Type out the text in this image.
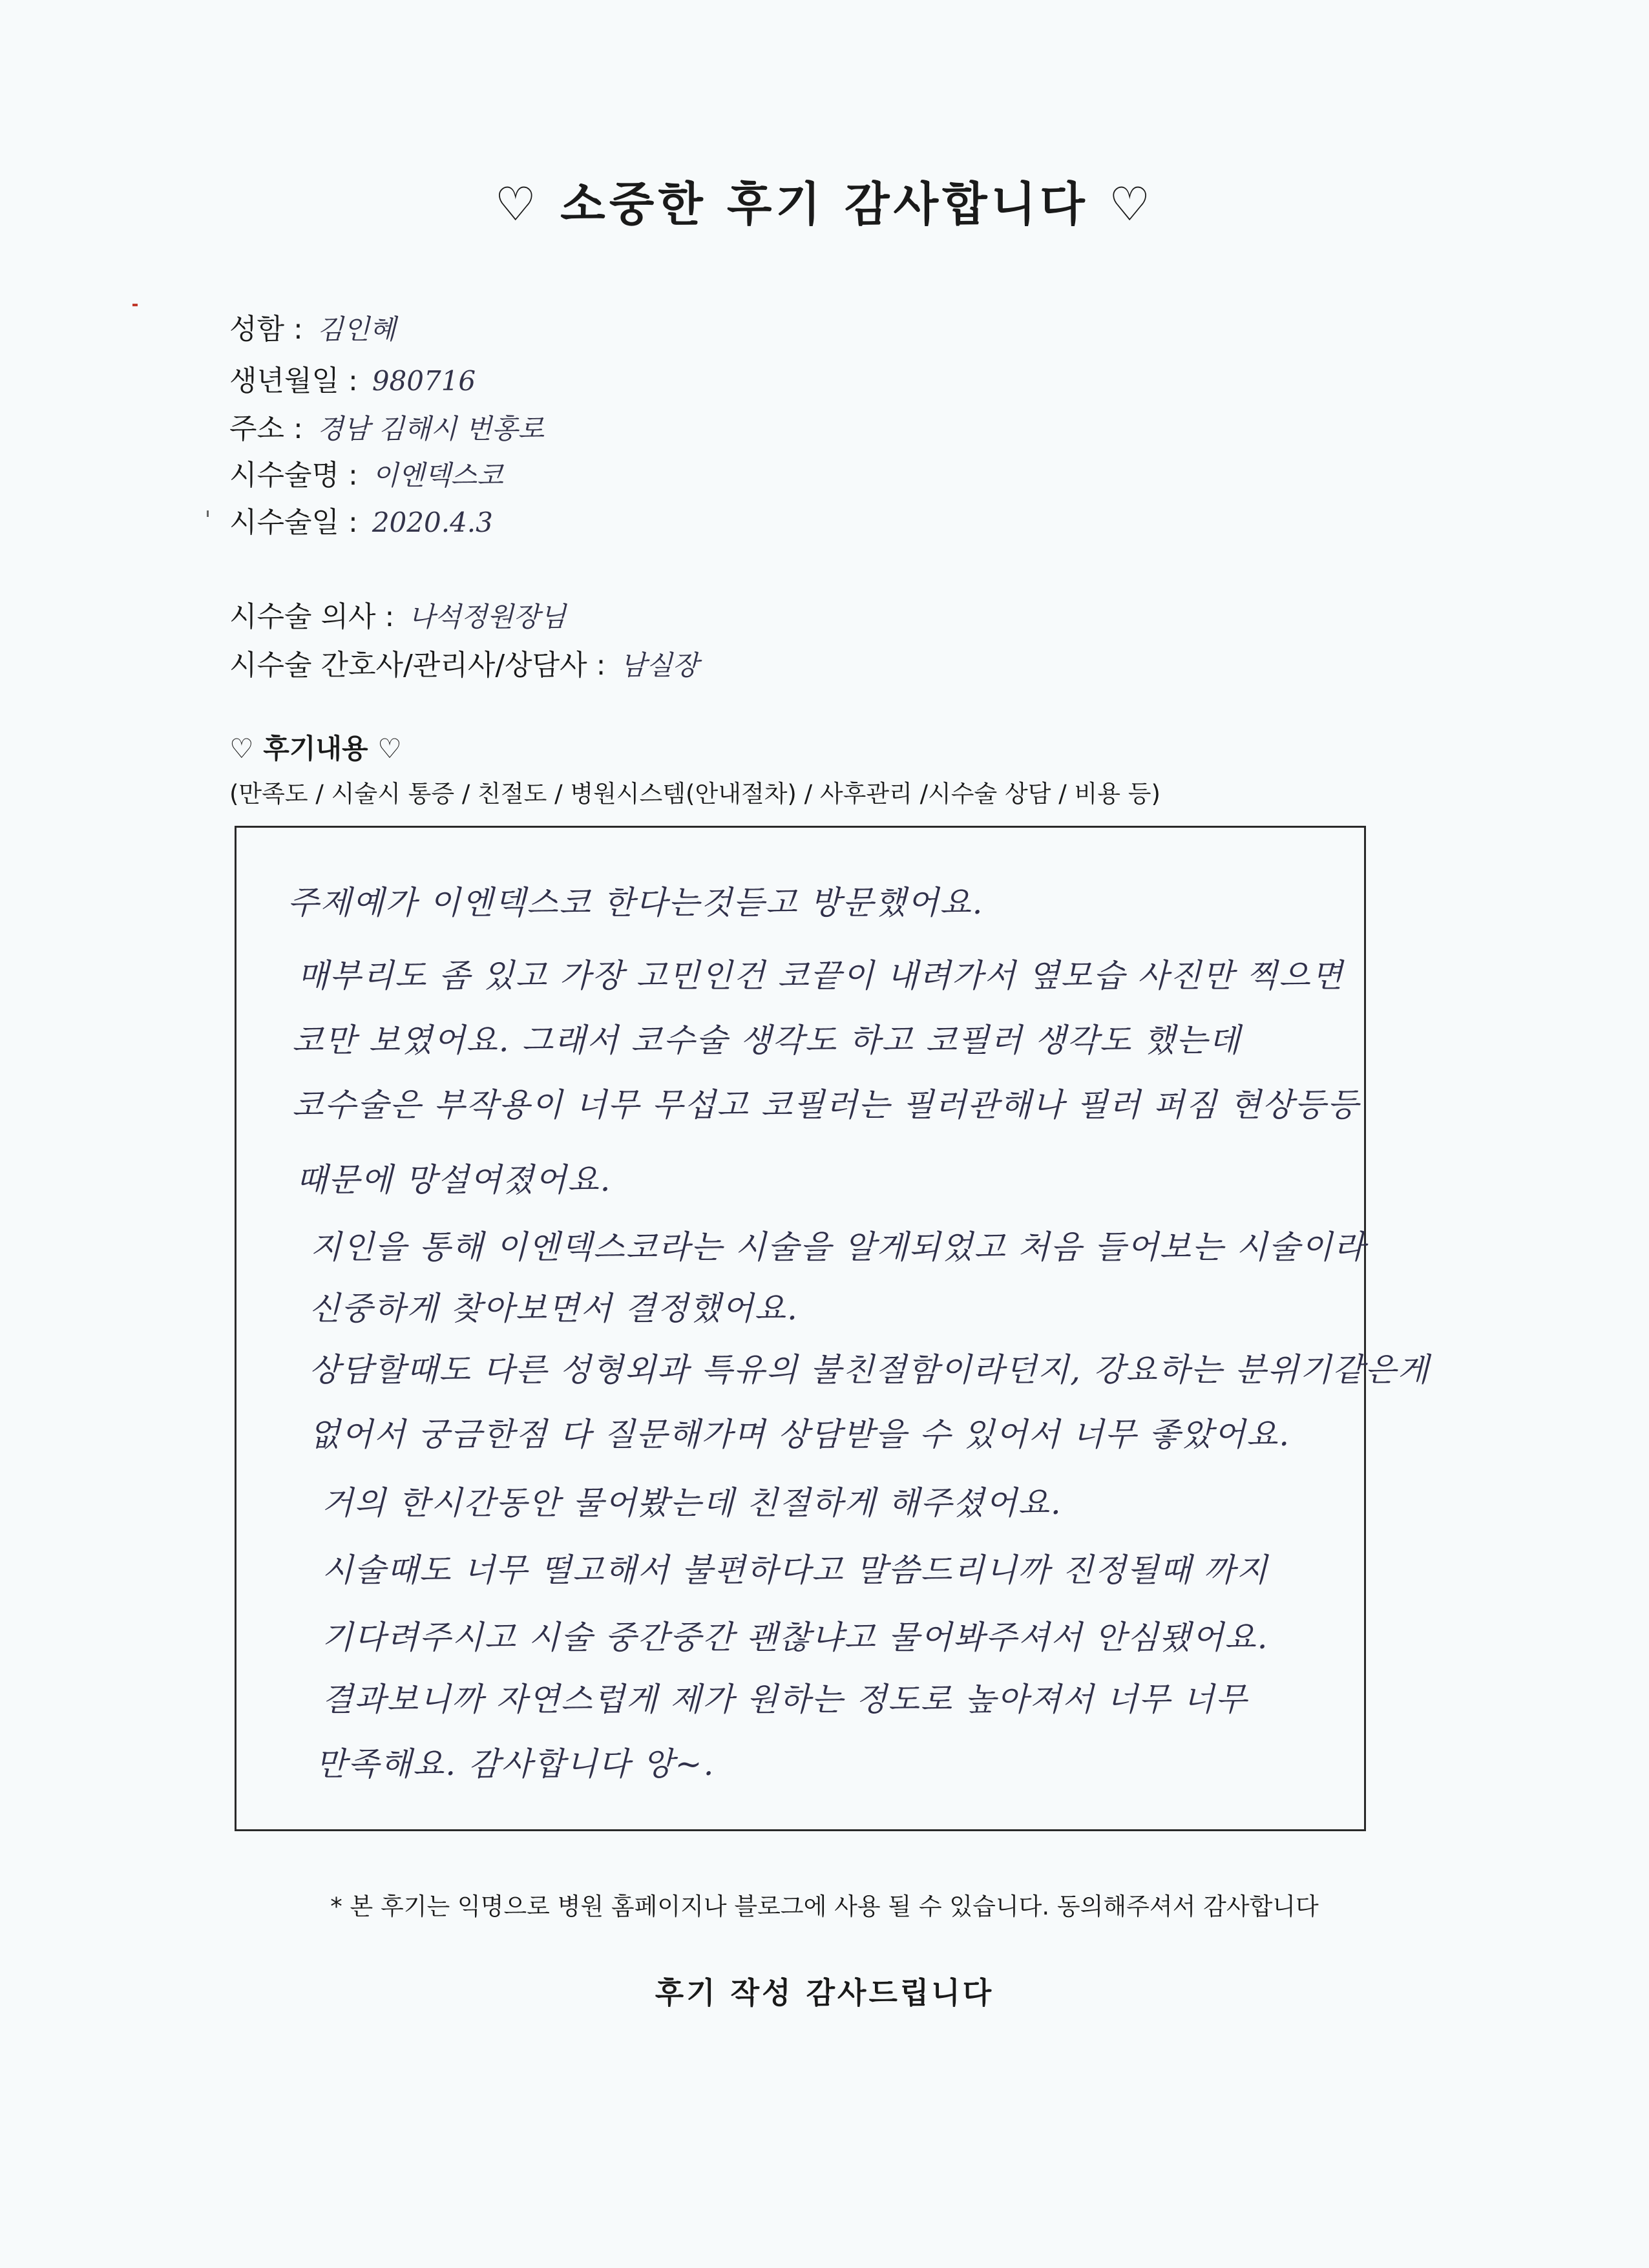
♡ 소중한 후기 감사합니다 ♡
성함 : 김인혜
생년월일 : 980716
주소 : 경남 김해시 번홍로
시수술명 : 이엔덱스코
시수술일 : 2020.4.3
시수술 의사 : 나석정원장님
시수술 간호사/관리사/상담사 : 남실장
♡ 후기내용 ♡
(만족도 / 시술시 통증 / 친절도 / 병원시스템(안내절차) / 사후관리 /시수술 상담 / 비용 등)
주제예가 이엔덱스코 한다는것듣고 방문했어요.
매부리도 좀 있고 가장 고민인건 코끝이 내려가서 옆모습 사진만 찍으면
코만 보였어요. 그래서 코수술 생각도 하고 코필러 생각도 했는데
코수술은 부작용이 너무 무섭고 코필러는 필러관해나 필러 퍼짐 현상등등
때문에 망설여졌어요.
지인을 통해 이엔덱스코라는 시술을 알게되었고 처음 들어보는 시술이라
신중하게 찾아보면서 결정했어요.
상담할때도 다른 성형외과 특유의 불친절함이라던지, 강요하는 분위기같은게
없어서 궁금한점 다 질문해가며 상담받을 수 있어서 너무 좋았어요.
거의 한시간동안 물어봤는데 친절하게 해주셨어요.
시술때도 너무 떨고해서 불편하다고 말씀드리니까 진정될때 까지
기다려주시고 시술 중간중간 괜찮냐고 물어봐주셔서 안심됐어요.
결과보니까 자연스럽게 제가 원하는 정도로 높아져서 너무 너무
만족해요. 감사합니다 앙~.
* 본 후기는 익명으로 병원 홈페이지나 블로그에 사용 될 수 있습니다. 동의해주셔서 감사합니다
후기 작성 감사드립니다
